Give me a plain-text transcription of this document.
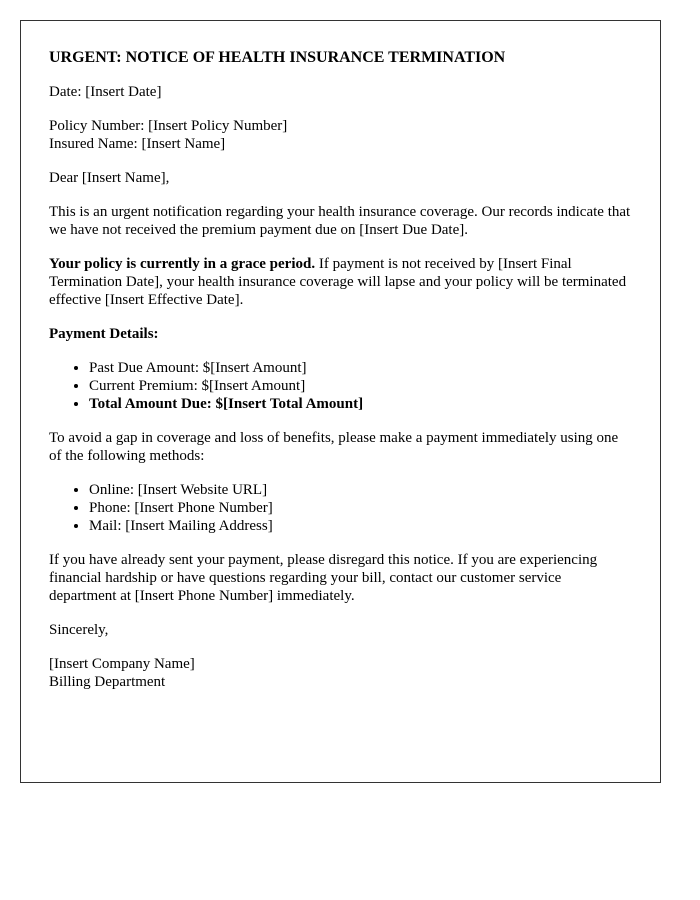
URGENT: NOTICE OF HEALTH INSURANCE TERMINATION

Date: [Insert Date]

Policy Number: [Insert Policy Number]
Insured Name: [Insert Name]

Dear [Insert Name],

This is an urgent notification regarding your health insurance coverage. Our records indicate that we have not received the premium payment due on [Insert Due Date].

Your policy is currently in a grace period. If payment is not received by [Insert Final Termination Date], your health insurance coverage will lapse and your policy will be terminated effective [Insert Effective Date].

Payment Details:

• Past Due Amount: $[Insert Amount]
• Current Premium: $[Insert Amount]
• Total Amount Due: $[Insert Total Amount]

To avoid a gap in coverage and loss of benefits, please make a payment immediately using one of the following methods:

• Online: [Insert Website URL]
• Phone: [Insert Phone Number]
• Mail: [Insert Mailing Address]

If you have already sent your payment, please disregard this notice. If you are experiencing financial hardship or have questions regarding your bill, contact our customer service department at [Insert Phone Number] immediately.

Sincerely,

[Insert Company Name]
Billing Department
